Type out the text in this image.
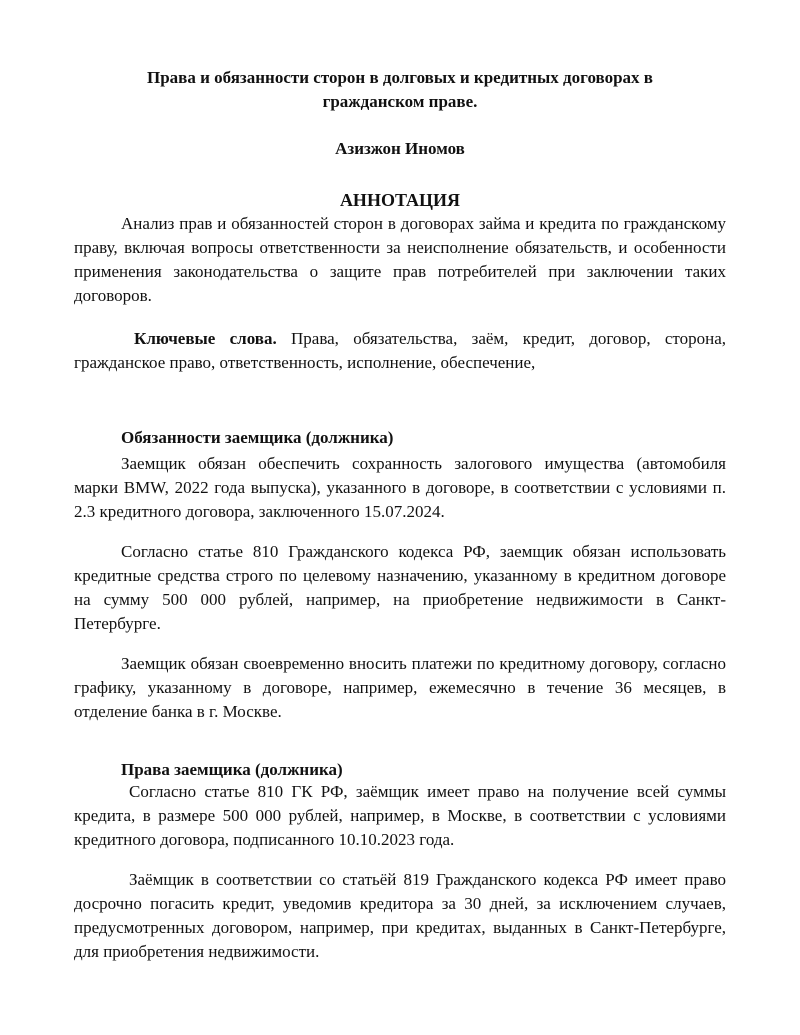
Права и обязанности сторон в долговых и кредитных договорах в
гражданском праве.
Азизжон Иномов
АННОТАЦИЯ

Анализ прав и обязанностей сторон в договорах займа и кредита по гражданскому праву, включая вопросы ответственности за неисполнение обязательств, и особенности применения законодательства о защите прав потребителей при заключении таких договоров.

Ключевые слова. Права, обязательства, заём, кредит, договор, сторона, гражданское право, ответственность, исполнение, обеспечение,

Обязанности заемщика (должника)

Заемщик обязан обеспечить сохранность залогового имущества (автомобиля марки BMW, 2022 года выпуска), указанного в договоре, в соответствии с условиями п. 2.3 кредитного договора, заключенного 15.07.2024.

Согласно статье 810 Гражданского кодекса РФ, заемщик обязан использовать кредитные средства строго по целевому назначению, указанному в кредитном договоре на сумму 500 000 рублей, например, на приобретение недвижимости в Санкт-Петербурге.

Заемщик обязан своевременно вносить платежи по кредитному договору, согласно графику, указанному в договоре, например, ежемесячно в течение 36 месяцев, в отделение банка в г. Москве.

Права заемщика (должника)

Согласно статье 810 ГК РФ, заёмщик имеет право на получение всей суммы кредита, в размере 500 000 рублей, например, в Москве, в соответствии с условиями кредитного договора, подписанного 10.10.2023 года.

Заёмщик в соответствии со статьёй 819 Гражданского кодекса РФ имеет право досрочно погасить кредит, уведомив кредитора за 30 дней, за исключением случаев, предусмотренных договором, например, при кредитах, выданных в Санкт-Петербурге, для приобретения недвижимости.
